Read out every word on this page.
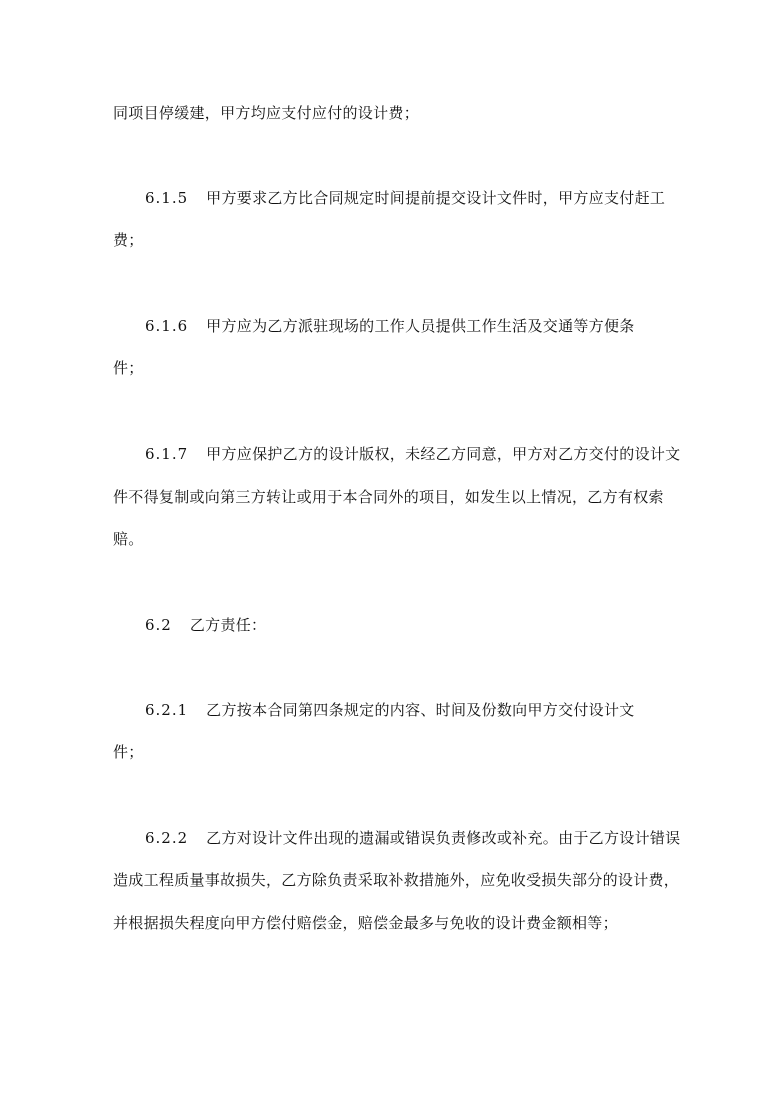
同项目停缓建，甲方均应支付应付的设计费；
6.1.5 甲方要求乙方比合同规定时间提前提交设计文件时，甲方应支付赶工
费；
6.1.6 甲方应为乙方派驻现场的工作人员提供工作生活及交通等方便条
件；
6.1.7 甲方应保护乙方的设计版权，未经乙方同意，甲方对乙方交付的设计文
件不得复制或向第三方转让或用于本合同外的项目，如发生以上情况，乙方有权索
赔。
6.2 乙方责任：
6.2.1 乙方按本合同第四条规定的内容、时间及份数向甲方交付设计文
件；
6.2.2 乙方对设计文件出现的遗漏或错误负责修改或补充。由于乙方设计错误
造成工程质量事故损失，乙方除负责采取补救措施外，应免收受损失部分的设计费，
并根据损失程度向甲方偿付赔偿金，赔偿金最多与免收的设计费金额相等；
